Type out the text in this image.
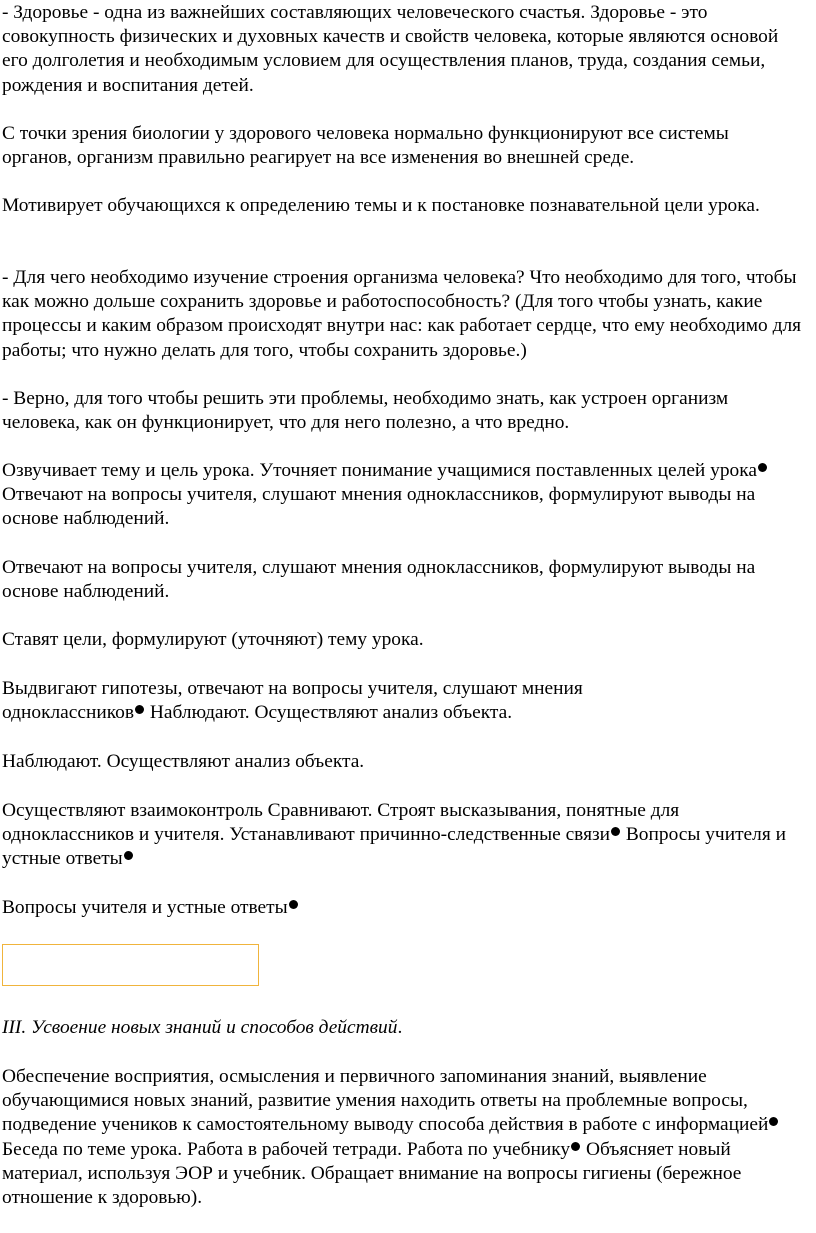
- Здоровье - одна из важнейших составляющих человеческого счастья. Здоровье - это совокупность физических и духовных качеств и свойств человека, которые являются основой его долголетия и необходимым условием для осуществления планов, труда, создания семьи, рождения и воспитания детей.

С точки зрения биологии у здорового человека нормально функционируют все системы органов, организм правильно реагирует на все изменения во внешней среде.

Мотивирует обучающихся к определению темы и к постановке познавательной цели урока.

- Для чего необходимо изучение строения организма человека? Что необходимо для того, чтобы как можно дольше сохранить здоровье и работоспособность? (Для того чтобы узнать, какие процессы и каким образом происходят внутри нас: как работает сердце, что ему необходимо для работы; что нужно делать для того, чтобы сохранить здоровье.)

- Верно, для того чтобы решить эти проблемы, необходимо знать, как устроен организм человека, как он функционирует, что для него полезно, а что вредно.

Озвучивает тему и цель урока. Уточняет понимание учащимися поставленных целей урока Отвечают на вопросы учителя, слушают мнения одноклассников, формулируют выводы на основе наблюдений.

Отвечают на вопросы учителя, слушают мнения одноклассников, формулируют выводы на основе наблюдений.

Ставят цели, формулируют (уточняют) тему урока.

Выдвигают гипотезы, отвечают на вопросы учителя, слушают мнения одноклассников Наблюдают. Осуществляют анализ объекта.

Наблюдают. Осуществляют анализ объекта.

Осуществляют взаимоконтроль Сравнивают. Строят высказывания, понятные для одноклассников и учителя. Устанавливают причинно-следственные связи Вопросы учителя и устные ответы

Вопросы учителя и устные ответы

III. Усвоение новых знаний и способов действий.

Обеспечение восприятия, осмысления и первичного запоминания знаний, выявление обучающимися новых знаний, развитие умения находить ответы на проблемные вопросы, подведение учеников к самостоятельному выводу способа действия в работе с информацией Беседа по теме урока. Работа в рабочей тетради. Работа по учебнику Объясняет новый материал, используя ЭОР и учебник. Обращает внимание на вопросы гигиены (бережное отношение к здоровью).
